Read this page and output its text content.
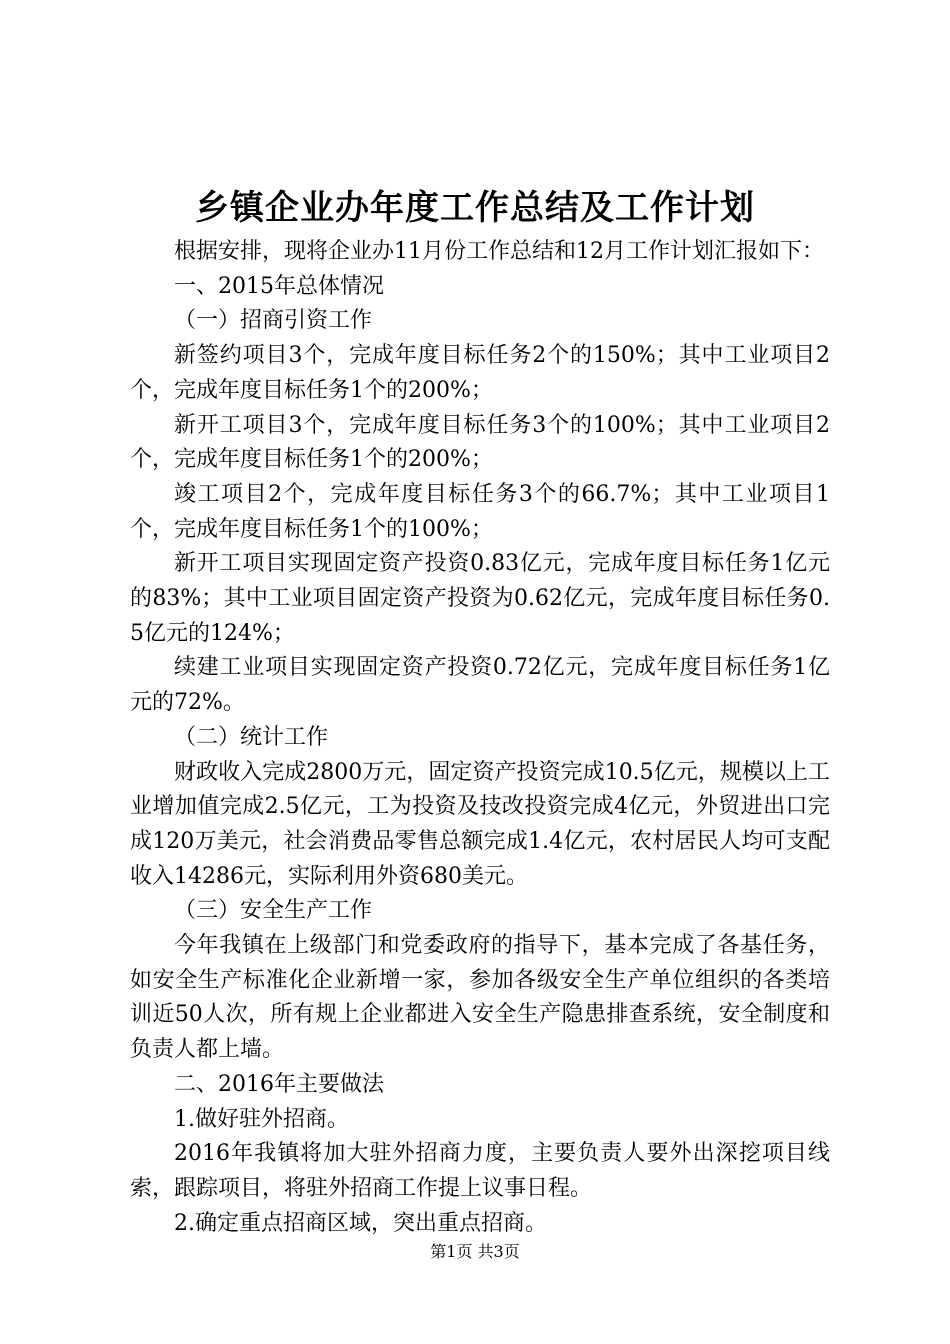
乡镇企业办年度工作总结及工作计划

根据安排，现将企业办11月份工作总结和12月工作计划汇报如下：

一、2015年总体情况

（一）招商引资工作

新签约项目3个，完成年度目标任务2个的150%；其中工业项目2个，完成年度目标任务1个的200%；

新开工项目3个，完成年度目标任务3个的100%；其中工业项目2个，完成年度目标任务1个的200%；

竣工项目2个，完成年度目标任务3个的66.7%；其中工业项目1个，完成年度目标任务1个的100%；

新开工项目实现固定资产投资0.83亿元，完成年度目标任务1亿元的83%；其中工业项目固定资产投资为0.62亿元，完成年度目标任务0.5亿元的124%；

续建工业项目实现固定资产投资0.72亿元，完成年度目标任务1亿元的72%。

（二）统计工作

财政收入完成2800万元，固定资产投资完成10.5亿元，规模以上工业增加值完成2.5亿元，工为投资及技改投资完成4亿元，外贸进出口完成120万美元，社会消费品零售总额完成1.4亿元，农村居民人均可支配收入14286元，实际利用外资680美元。

（三）安全生产工作

今年我镇在上级部门和党委政府的指导下，基本完成了各基任务，如安全生产标准化企业新增一家，参加各级安全生产单位组织的各类培训近50人次，所有规上企业都进入安全生产隐患排查系统，安全制度和负责人都上墙。

二、2016年主要做法

1.做好驻外招商。

2016年我镇将加大驻外招商力度，主要负责人要外出深挖项目线索，跟踪项目，将驻外招商工作提上议事日程。

2.确定重点招商区域，突出重点招商。

第1页 共3页
